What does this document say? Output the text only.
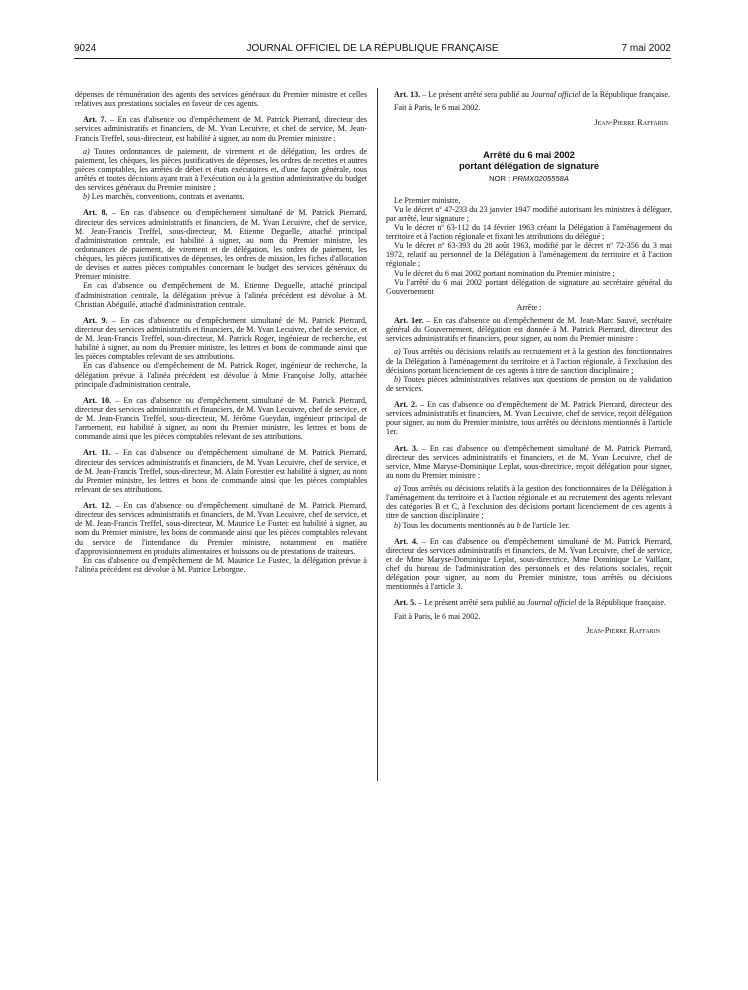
9024	JOURNAL OFFICIEL DE LA RÉPUBLIQUE FRANÇAISE	7 mai 2002

dépenses de rémunération des agents des services généraux du Premier ministre et celles relatives aux prestations sociales en faveur de ces agents.

Art. 7. – En cas d'absence ou d'empêchement de M. Patrick Pierrard, directeur des services administratifs et financiers, de M. Yvan Lecuivre, et chef de service, M. Jean-Francis Treffel, sous-directeur, est habilité à signer, au nom du Premier ministre :

a) Toutes ordonnances de paiement, de virement et de délégation, les ordres de paiement, les chèques, les pièces justificatives de dépenses, les ordres de recettes et autres pièces comptables, les arrêtés de débet et états exécutoires et, d'une façon générale, tous arrêtés et toutes décisions ayant trait à l'exécution ou à la gestion administrative du budget des services généraux du Premier ministre ;

b) Les marchés, conventions, contrats et avenants.

Art. 8. – En cas d'absence ou d'empêchement simultané de M. Patrick Pierrard, directeur des services administratifs et financiers, de M. Yvan Lecuivre, chef de service, M. Jean-Francis Treffel, sous-directeur, M. Etienne Deguelle, attaché principal d'administration centrale, est habilité à signer, au nom du Premier ministre, les ordonnances de paiement, de virement et de délégation, les ordres de paiement, les chèques, les pièces justificatives de dépenses, les ordres de mission, les fiches d'allocation de devises et autres pièces comptables concernant le budget des services généraux du Premier ministre.

En cas d'absence ou d'empêchement de M. Etienne Deguelle, attaché principal d'administration centrale, la délégation prévue à l'alinéa précédent est dévolue à M. Christian Abéguilé, attaché d'administration centrale.

Art. 9. – En cas d'absence ou d'empêchement simultané de M. Patrick Pierrard, directeur des services administratifs et financiers, de M. Yvan Lecuivre, chef de service, et de M. Jean-Francis Treffel, sous-directeur, M. Patrick Roger, ingénieur de recherche, est habilité à signer, au nom du Premier ministre, les lettres et bons de commande ainsi que les pièces comptables relevant de ses attributions.

En cas d'absence ou d'empêchement de M. Patrick Roger, ingénieur de recherche, la délégation prévue à l'alinéa précédent est dévolue à Mme Françoise Jolly, attachée principale d'administration centrale.

Art. 10. – En cas d'absence ou d'empêchement simultané de M. Patrick Pierrard, directeur des services administratifs et financiers, de M. Yvan Lecuivre, chef de service, et de M. Jean-Francis Treffel, sous-directeur, M. Jérôme Gueydan, ingénieur principal de l'armement, est habilité à signer, au nom du Premier ministre, les lettres et bons de commande ainsi que les pièces comptables relevant de ses attributions.

Art. 11. – En cas d'absence ou d'empêchement simultané de M. Patrick Pierrard, directeur des services administratifs et financiers, de M. Yvan Lecuivre, chef de service, et de M. Jean-Francis Treffel, sous-directeur, M. Alain Forestier est habilité à signer, au nom du Premier ministre, les lettres et bons de commande ainsi que les pièces comptables relevant de ses attributions.

Art. 12. – En cas d'absence ou d'empêchement simultané de M. Patrick Pierrard, directeur des services administratifs et financiers, de M. Yvan Lecuivre, chef de service, et de M. Jean-Francis Treffel, sous-directeur, M. Maurice Le Fustec est habilité à signer, au nom du Premier ministre, les bons de commande ainsi que les pièces comptables relevant du service de l'intendance du Premier ministre, notamment en matière d'approvisionnement en produits alimentaires et boissons ou de prestations de traiteurs.

En cas d'absence ou d'empêchement de M. Maurice Le Fustec, la délégation prévue à l'alinéa précédent est dévolue à M. Patrice Leborgne.

Art. 13. – Le présent arrêté sera publié au Journal officiel de la République française.

Fait à Paris, le 6 mai 2002.

Jean-Pierre Raffarin
Arrêté du 6 mai 2002
portant délégation de signature
NOR : PRMX0205558A

Le Premier ministre,

Vu le décret nº 47-233 du 23 janvier 1947 modifié autorisant les ministres à déléguer, par arrêté, leur signature ;

Vu le décret nº 63-112 du 14 février 1963 créant la Délégation à l'aménagement du territoire et à l'action régionale et fixant les attributions du délégué ;

Vu le décret nº 63-393 du 28 août 1963, modifié par le décret nº 72-356 du 3 mai 1972, relatif au personnel de la Délégation à l'aménagement du territoire et à l'action régionale ;

Vu le décret du 6 mai 2002 portant nomination du Premier ministre ;

Vu l'arrêté du 6 mai 2002 portant délégation de signature au secrétaire général du Gouvernement

Arrête :

Art. 1er. – En cas d'absence ou d'empêchement de M. Jean-Marc Sauvé, secrétaire général du Gouvernement, délégation est donnée à M. Patrick Pierrard, directeur des services administratifs et financiers, pour signer, au nom du Premier ministre :

a) Tous arrêtés ou décisions relatifs au recrutement et à la gestion des fonctionnaires de la Délégation à l'aménagement du territoire et à l'action régionale, à l'exclusion des décisions portant licenciement de ces agents à titre de sanction disciplinaire ;

b) Toutes pièces administratives relatives aux questions de pension ou de validation de services.

Art. 2. – En cas d'absence ou d'empêchement de M. Patrick Pierrard, directeur des services administratifs et financiers, M. Yvan Lecuivre, chef de service, reçoit délégation pour signer, au nom du Premier ministre, tous arrêtés ou décisions mentionnés à l'article 1er.

Art. 3. – En cas d'absence ou d'empêchement simultané de M. Patrick Pierrard, directeur des services administratifs et financiers, et de M. Yvan Lecuivre, chef de service, Mme Maryse-Dominique Leplat, sous-directrice, reçoit délégation pour signer, au nom du Premier ministre :

a) Tous arrêtés ou décisions relatifs à la gestion des fonctionnaires de la Délégation à l'aménagement du territoire et à l'action régionale et au recrutement des agents relevant des catégories B et C, à l'exclusion des décisions portant licenciement de ces agents à titre de sanction disciplinaire ;

b) Tous les documents mentionnés au b de l'article 1er.

Art. 4. – En cas d'absence ou d'empêchement simultané de M. Patrick Pierrard, directeur des services administratifs et financiers, de M. Yvan Lecuivre, chef de service, et de Mme Maryse-Dominique Leplat, sous-directrice, Mme Dominique Le Vaillant, chef du bureau de l'administration des personnels et des relations sociales, reçoit délégation pour signer, au nom du Premier ministre, tous arrêtés ou décisions mentionnés à l'article 3.

Art. 5. – Le présent arrêté sera publié au Journal officiel de la République française.

Fait à Paris, le 6 mai 2002.

Jean-Pierre Raffarin
